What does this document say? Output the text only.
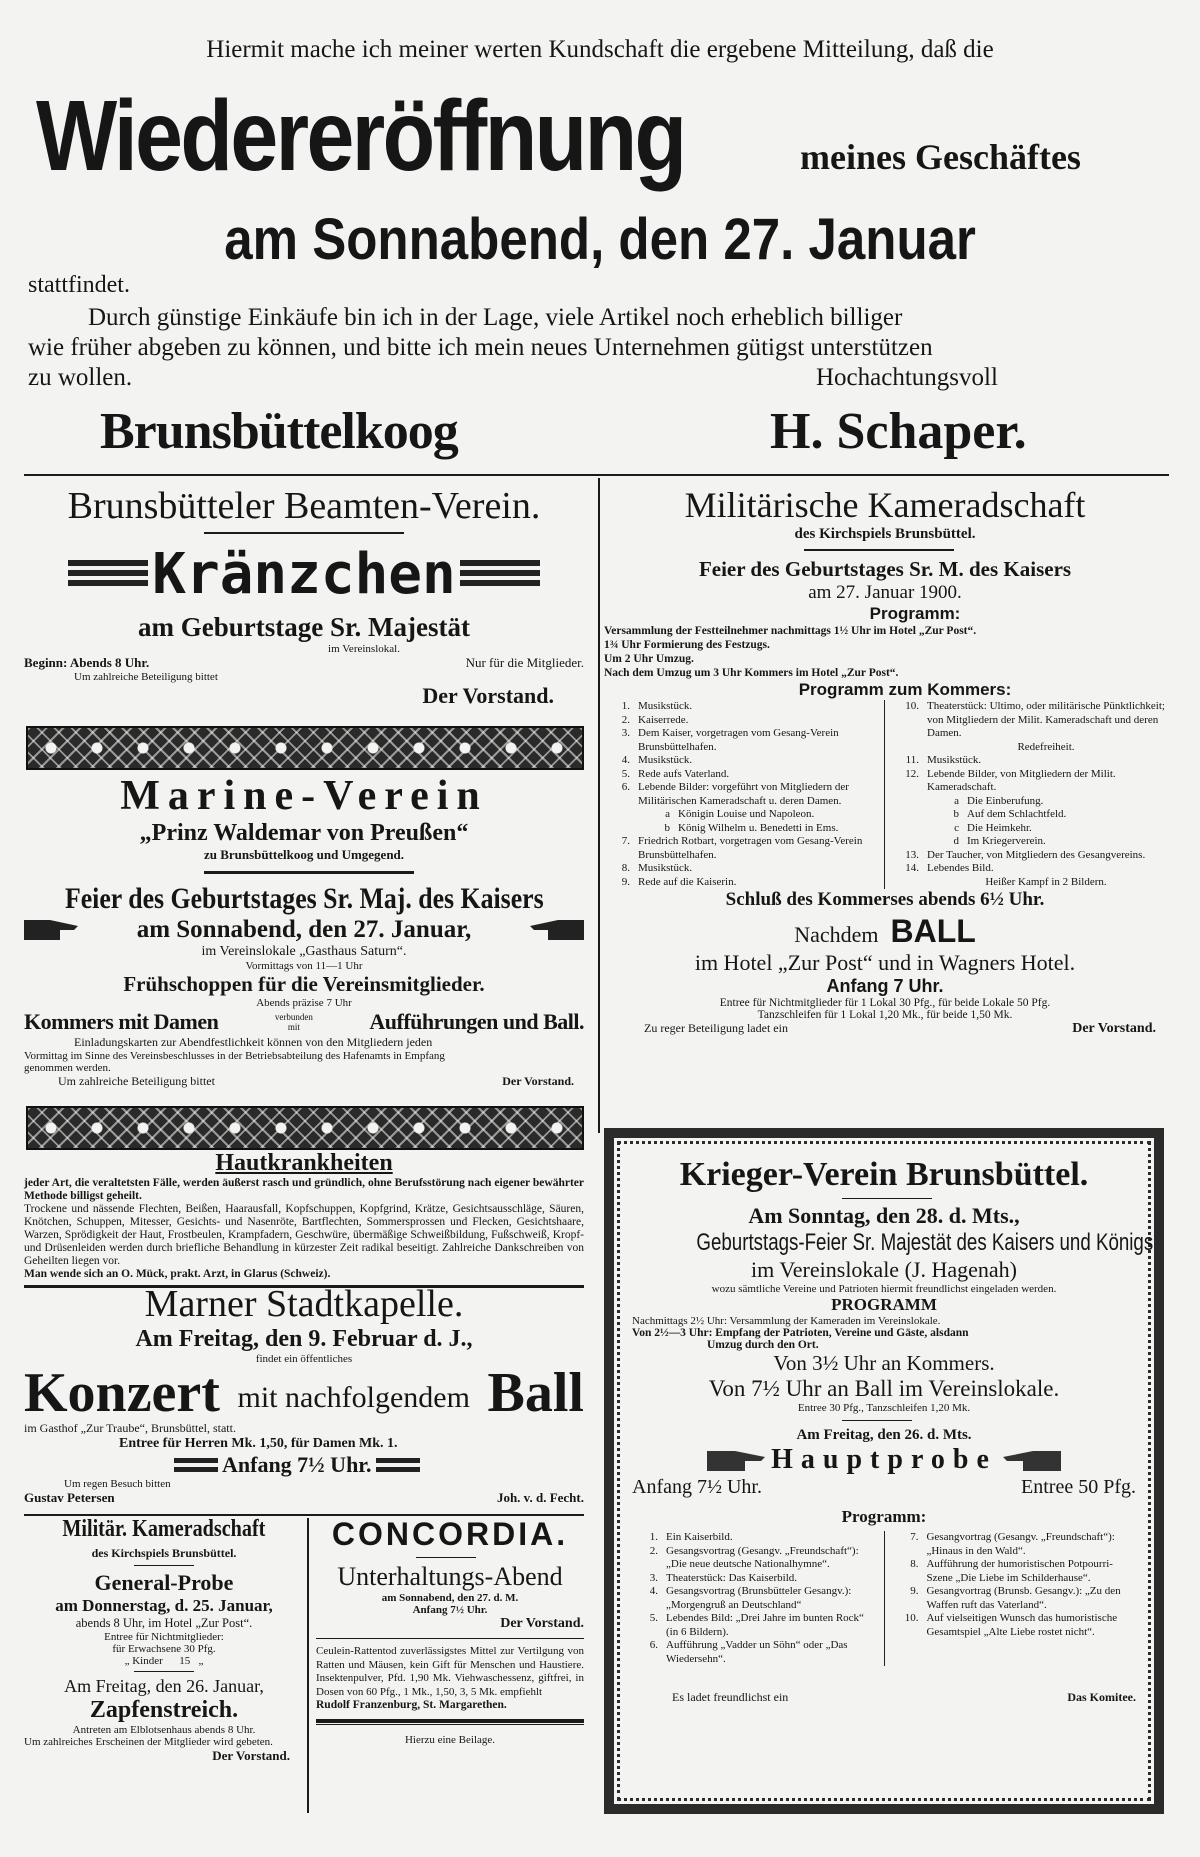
Hiermit mache ich meiner werten Kundschaft die ergebene Mitteilung, daß die
Wiedereröffnung	meines Geschäftes
am Sonnabend, den 27. Januar
stattfindet.
Durch günstige Einkäufe bin ich in der Lage, viele Artikel noch erheblich billiger
wie früher abgeben zu können, und bitte ich mein neues Unternehmen gütigst unterstützen
zu wollen.	Hochachtungsvoll
Brunsbüttelkoog	H. Schaper.
Brunsbütteler Beamten-Verein.
Kränzchen
am Geburtstage Sr. Majestät
im Vereinslokal.
Beginn: Abends 8 Uhr.	Nur für die Mitglieder.
Um zahlreiche Beteiligung bittet
Der Vorstand.
Marine-Verein
„Prinz Waldemar von Preußen“
zu Brunsbüttelkoog und Umgegend.
Feier des Geburtstages Sr. Maj. des Kaisers
am Sonnabend, den 27. Januar,
im Vereinslokale „Gasthaus Saturn“.
Vormittags von 11—1 Uhr
Frühschoppen für die Vereinsmitglieder.
Abends präzise 7 Uhr
Kommers mit Damen	verbunden
mit	Aufführungen und Ball.
Einladungskarten zur Abendfestlichkeit können von den Mitgliedern jeden
Vormittag im Sinne des Vereinsbeschlusses in der Betriebsabteilung des Hafenamts in Empfang
genommen werden.
Um zahlreiche Beteiligung bittet	Der Vorstand.
Hautkrankheiten
jeder Art, die veraltetsten Fälle, werden äußerst rasch und gründlich, ohne Berufsstörung nach eigener bewährter Methode billigst geheilt.
Trockene und nässende Flechten, Beißen, Haarausfall, Kopfschuppen, Kopfgrind, Krätze, Gesichtsausschläge, Säuren, Knötchen, Schuppen, Mitesser, Gesichts- und Nasenröte, Bartflechten, Sommersprossen und Flecken, Gesichtshaare, Warzen, Sprödigkeit der Haut, Frostbeulen, Krampfadern, Geschwüre, übermäßige Schweißbildung, Fußschweiß, Kropf- und Drüsenleiden werden durch briefliche Behandlung in kürzester Zeit radikal beseitigt. Zahlreiche Dankschreiben von Geheilten liegen vor.
Man wende sich an O. Mück, prakt. Arzt, in Glarus (Schweiz).
Marner Stadtkapelle.
Am Freitag, den 9. Februar d. J.,
findet ein öffentliches
Konzert mit nachfolgendem Ball
im Gasthof „Zur Traube“, Brunsbüttel, statt.
Entree für Herren Mk. 1,50, für Damen Mk. 1.
Anfang 7½ Uhr.
Um regen Besuch bitten
Gustav Petersen	Joh. v. d. Fecht.
Militär. Kameradschaft
des Kirchspiels Brunsbüttel.
General-Probe
am Donnerstag, d. 25. Januar,
abends 8 Uhr, im Hotel „Zur Post“.
Entree für Nichtmitglieder:
für Erwachsene 30 Pfg.
„ Kinder      15   „
Am Freitag, den 26. Januar,
Zapfenstreich.
Antreten am Elblotsenhaus abends 8 Uhr.
Um zahlreiches Erscheinen der Mitglieder wird gebeten.
Der Vorstand.
CONCORDIA.
Unterhaltungs-Abend
am Sonnabend, den 27. d. M.
Anfang 7½ Uhr.
Der Vorstand.
Ceulein-Rattentod zuverlässigstes Mittel zur Vertilgung von Ratten und Mäusen, kein Gift für Menschen und Haustiere. Insektenpulver, Pfd. 1,90 Mk. Viehwaschessenz, giftfrei, in Dosen von 60 Pfg., 1 Mk., 1,50, 3, 5 Mk. empfiehlt
Rudolf Franzenburg, St. Margarethen.
Hierzu eine Beilage.
Militärische Kameradschaft
des Kirchspiels Brunsbüttel.
Feier des Geburtstages Sr. M. des Kaisers
am 27. Januar 1900.
Programm:
Versammlung der Festteilnehmer nachmittags 1½ Uhr im Hotel „Zur Post“.
1¾ Uhr Formierung des Festzugs.
Um 2 Uhr Umzug.
Nach dem Umzug um 3 Uhr Kommers im Hotel „Zur Post“.
Programm zum Kommers:
1. Musikstück.
2. Kaiserrede.
3. Dem Kaiser, vorgetragen vom Gesang-Verein Brunsbüttelhafen.
4. Musikstück.
5. Rede aufs Vaterland.
6. Lebende Bilder: vorgeführt von Mitgliedern der Militärischen Kameradschaft u. deren Damen.
a Königin Louise und Napoleon.
b König Wilhelm u. Benedetti in Ems.
7. Friedrich Rotbart, vorgetragen vom Gesang-Verein Brunsbüttelhafen.
8. Musikstück.
9. Rede auf die Kaiserin.
10. Theaterstück: Ultimo, oder militärische Pünktlichkeit; von Mitgliedern der Milit. Kameradschaft und deren Damen.
Redefreiheit.
11. Musikstück.
12. Lebende Bilder, von Mitgliedern der Milit. Kameradschaft.
a Die Einberufung.
b Auf dem Schlachtfeld.
c Die Heimkehr.
d Im Kriegerverein.
13. Der Taucher, von Mitgliedern des Gesangvereins.
14. Lebendes Bild.
Heißer Kampf in 2 Bildern.
Schluß des Kommerses abends 6½ Uhr.
Nachdem BALL
im Hotel „Zur Post“ und in Wagners Hotel.
Anfang 7 Uhr.
Entree für Nichtmitglieder für 1 Lokal 30 Pfg., für beide Lokale 50 Pfg.
Tanzschleifen für 1 Lokal 1,20 Mk., für beide 1,50 Mk.
Zu reger Beteiligung ladet ein	Der Vorstand.
Krieger-Verein Brunsbüttel.
Am Sonntag, den 28. d. Mts.,
Geburtstags-Feier Sr. Majestät des Kaisers und Königs
im Vereinslokale (J. Hagenah)
wozu sämtliche Vereine und Patrioten hiermit freundlichst eingeladen werden.
PROGRAMM
Nachmittags 2½ Uhr: Versammlung der Kameraden im Vereinslokale.
Von 2½—3 Uhr: Empfang der Patrioten, Vereine und Gäste, alsdann
Umzug durch den Ort.
Von 3½ Uhr an Kommers.
Von 7½ Uhr an Ball im Vereinslokale.
Entree 30 Pfg., Tanzschleifen 1,20 Mk.
Am Freitag, den 26. d. Mts.
Hauptprobe
Anfang 7½ Uhr.	Entree 50 Pfg.
Programm:
1. Ein Kaiserbild.
2. Gesangsvortrag (Gesangv. „Freundschaft“): „Die neue deutsche Nationalhymne“.
3. Theaterstück: Das Kaiserbild.
4. Gesangsvortrag (Brunsbütteler Gesangv.): „Morgengruß an Deutschland“
5. Lebendes Bild: „Drei Jahre im bunten Rock“ (in 6 Bildern).
6. Aufführung „Vadder un Söhn“ oder „Das Wiedersehn“.
7. Gesangvortrag (Gesangv. „Freundschaft“): „Hinaus in den Wald“.
8. Aufführung der humoristischen Potpourri-Szene „Die Liebe im Schilderhause“.
9. Gesangvortrag (Brunsb. Gesangv.): „Zu den Waffen ruft das Vaterland“.
10. Auf vielseitigen Wunsch das humoristische Gesamtspiel „Alte Liebe rostet nicht“.
Es ladet freundlichst ein	Das Komitee.
